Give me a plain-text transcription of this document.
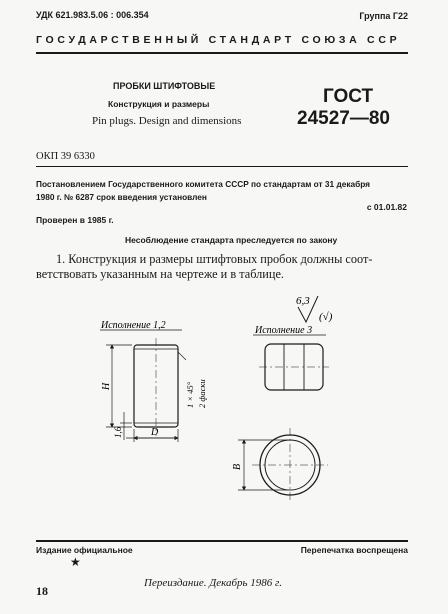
УДК 621.983.5.06 : 006.354	Группа Г22
ГОСУДАРСТВЕННЫЙ СТАНДАРТ СОЮЗА ССР
ПРОБКИ ШТИФТОВЫЕ
Конструкция и размеры
Pin plugs. Design and dimensions
ГОСТ
24527—80
ОКП 39 6330
Постановлением Государственного комитета СССР по стандартам от 31 декабря
1980 г. № 6287 срок введения установлен
с 01.01.82
Проверен в 1985 г.
Несоблюдение стандарта преследуется по закону
1. Конструкция и размеры штифтовых пробок должны соот-
ветствовать указанным на чертеже и в таблице.
Исполнение 1,2	Исполнение 3
6,3
(√)
H
1,6	D
1 × 45° 2 фаски
B
Издание официальное	Перепечатка воспрещена
★
Переиздание. Декабрь 1986 г.
18
